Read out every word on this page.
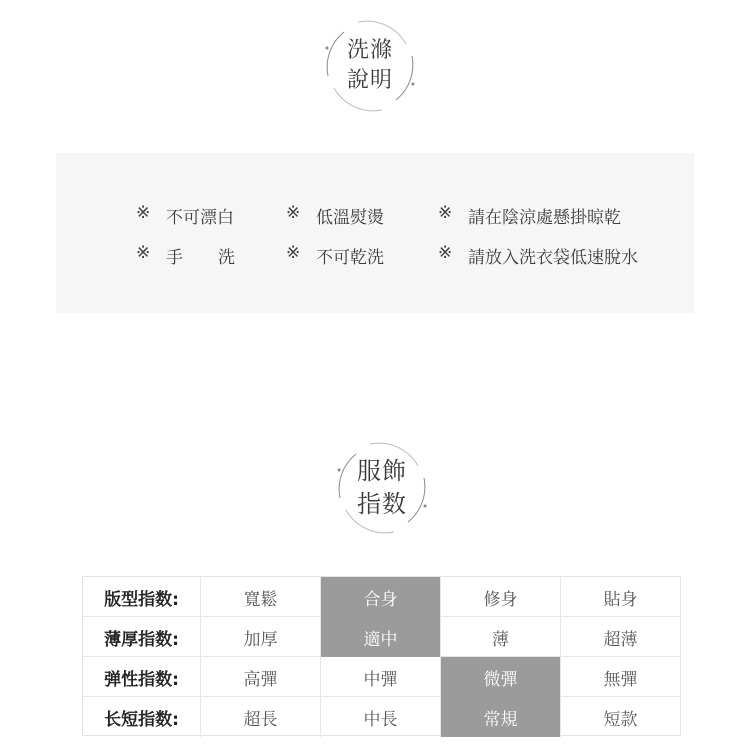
洗滌
說明
※ 不可漂白	※ 低溫熨燙	※ 請在陰涼處懸掛晾乾
※ 手洗 ※ 不可乾洗	※ 請放入洗衣袋低速脫水
服飾
指数
版型指数:	寬鬆	合身	修身	貼身
薄厚指数:	加厚	適中	薄	超薄
弹性指数:	高彈	中彈	微彈	無彈
长短指数:	超長	中長	常規	短款
